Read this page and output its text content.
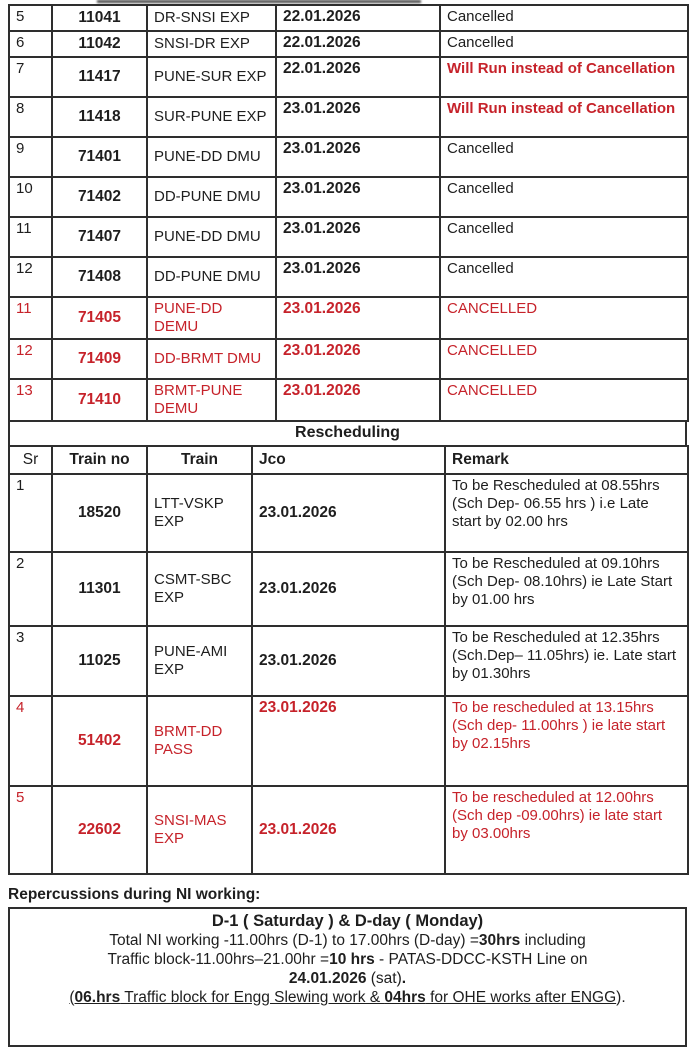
5	11041	DR-SNSI EXP	22.01.2026	Cancelled
6	11042	SNSI-DR EXP	22.01.2026	Cancelled
7	11417	PUNE-SUR EXP	22.01.2026	Will Run instead of Cancellation
8	11418	SUR-PUNE EXP	23.01.2026	Will Run instead of Cancellation
9	71401	PUNE-DD DMU	23.01.2026	Cancelled
10	71402	DD-PUNE DMU	23.01.2026	Cancelled
11	71407	PUNE-DD DMU	23.01.2026	Cancelled
12	71408	DD-PUNE DMU	23.01.2026	Cancelled
11	71405	PUNE-DD DEMU	23.01.2026	CANCELLED
12	71409	DD-BRMT DMU	23.01.2026	CANCELLED
13	71410	BRMT-PUNE DEMU	23.01.2026	CANCELLED
Rescheduling
Sr	Train no	Train	Jco	Remark
1	18520	LTT-VSKP EXP	23.01.2026	To be Rescheduled at 08.55hrs (Sch Dep- 06.55 hrs ) i.e Late start by 02.00 hrs
2	11301	CSMT-SBC EXP	23.01.2026	To be Rescheduled at 09.10hrs (Sch Dep- 08.10hrs) ie Late Start by 01.00 hrs
3	11025	PUNE-AMI EXP	23.01.2026	To be Rescheduled at 12.35hrs (Sch.Dep– 11.05hrs) ie. Late start by 01.30hrs
4	51402	BRMT-DD PASS	23.01.2026	To be rescheduled at 13.15hrs (Sch dep- 11.00hrs ) ie late start by 02.15hrs
5	22602	SNSI-MAS EXP	23.01.2026	To be rescheduled at 12.00hrs (Sch dep -09.00hrs) ie late start by 03.00hrs
Repercussions during NI working:
D-1 ( Saturday ) & D-day ( Monday)
Total NI working -11.00hrs (D-1) to 17.00hrs (D-day) =30hrs including
Traffic block-11.00hrs–21.00hr =10 hrs - PATAS-DDCC-KSTH Line on
24.01.2026 (sat).
(06.hrs Traffic block for Engg Slewing work & 04hrs for OHE works after ENGG).
